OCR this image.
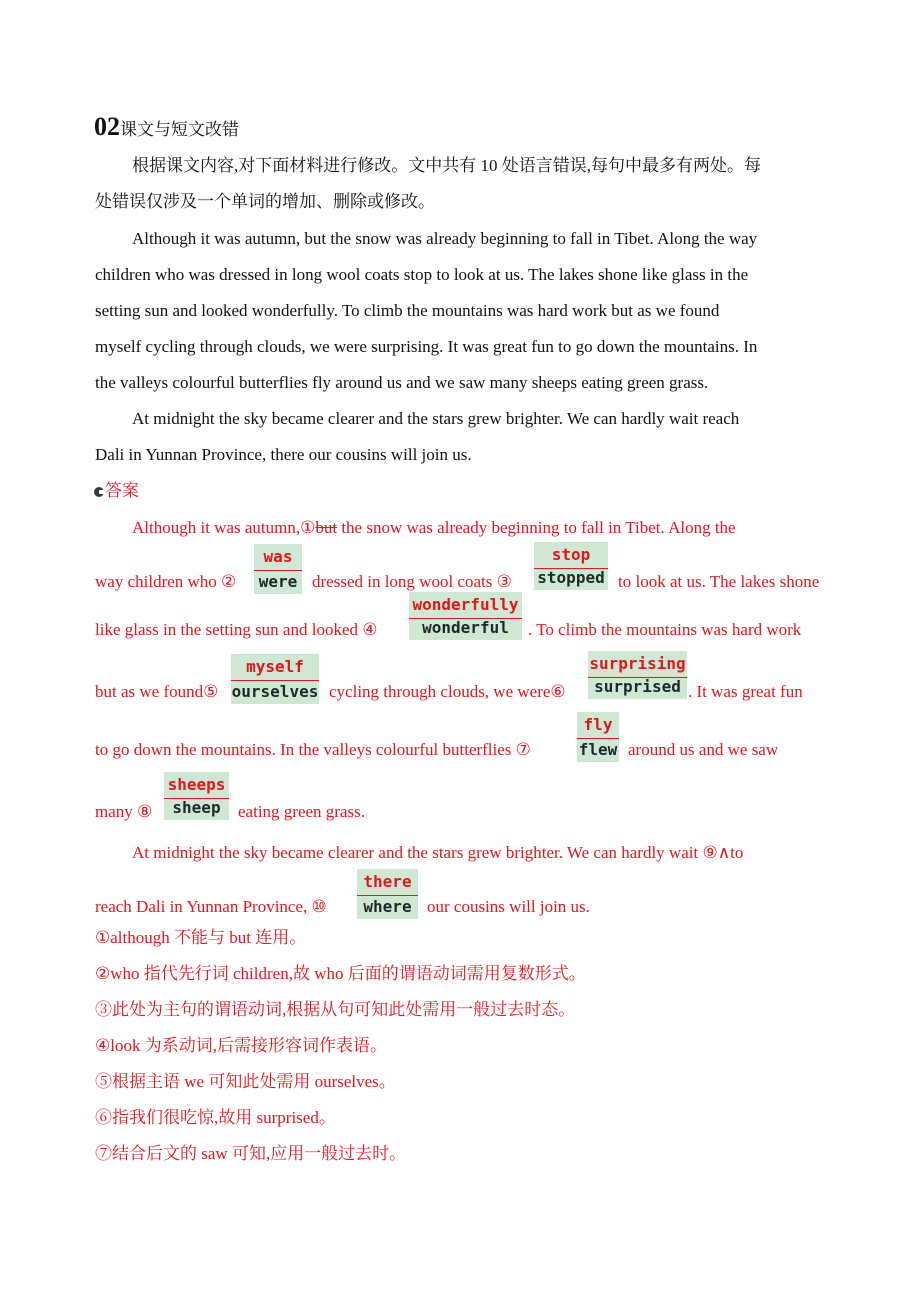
02课文与短文改错
根据课文内容,对下面材料进行修改。文中共有 10 处语言错误,每句中最多有两处。每
处错误仅涉及一个单词的增加、删除或修改。
Although it was autumn, but the snow was already beginning to fall in Tibet. Along the way
children who was dressed in long wool coats stop to look at us. The lakes shone like glass in the
setting sun and looked wonderfully. To climb the mountains was hard work but as we found
myself cycling through clouds, we were surprising. It was great fun to go down the mountains. In
the valleys colourful butterflies fly around us and we saw many sheeps eating green grass.
At midnight the sky became clearer and the stars grew brighter. We can hardly wait reach
Dali in Yunnan Province, there our cousins will join us.
答案
Although it was autumn,①but the snow was already beginning to fall in Tibet. Along the
way children who ②
was
were dressed in long wool coats ③
stop
stopped to look at us. The lakes shone
like glass in the setting sun and looked ④
wonderfully
wonderful	. To climb the mountains was hard work
but as we found⑤
myself
ourselves cycling through clouds, we were⑥
surprising
surprised . It was great fun
to go down the mountains. In the valleys colourful butterflies ⑦
fly
flew around us and we saw
many ⑧
sheeps
sheep	eating green grass.
At midnight the sky became clearer and the stars grew brighter. We can hardly wait ⑨∧to
reach Dali in Yunnan Province, ⑩
there
where our cousins will join us.
①although 不能与 but 连用。
②who 指代先行词 children,故 who 后面的谓语动词需用复数形式。
③此处为主句的谓语动词,根据从句可知此处需用一般过去时态。
④look 为系动词,后需接形容词作表语。
⑤根据主语 we 可知此处需用 ourselves。
⑥指我们很吃惊,故用 surprised。
⑦结合后文的 saw 可知,应用一般过去时。
